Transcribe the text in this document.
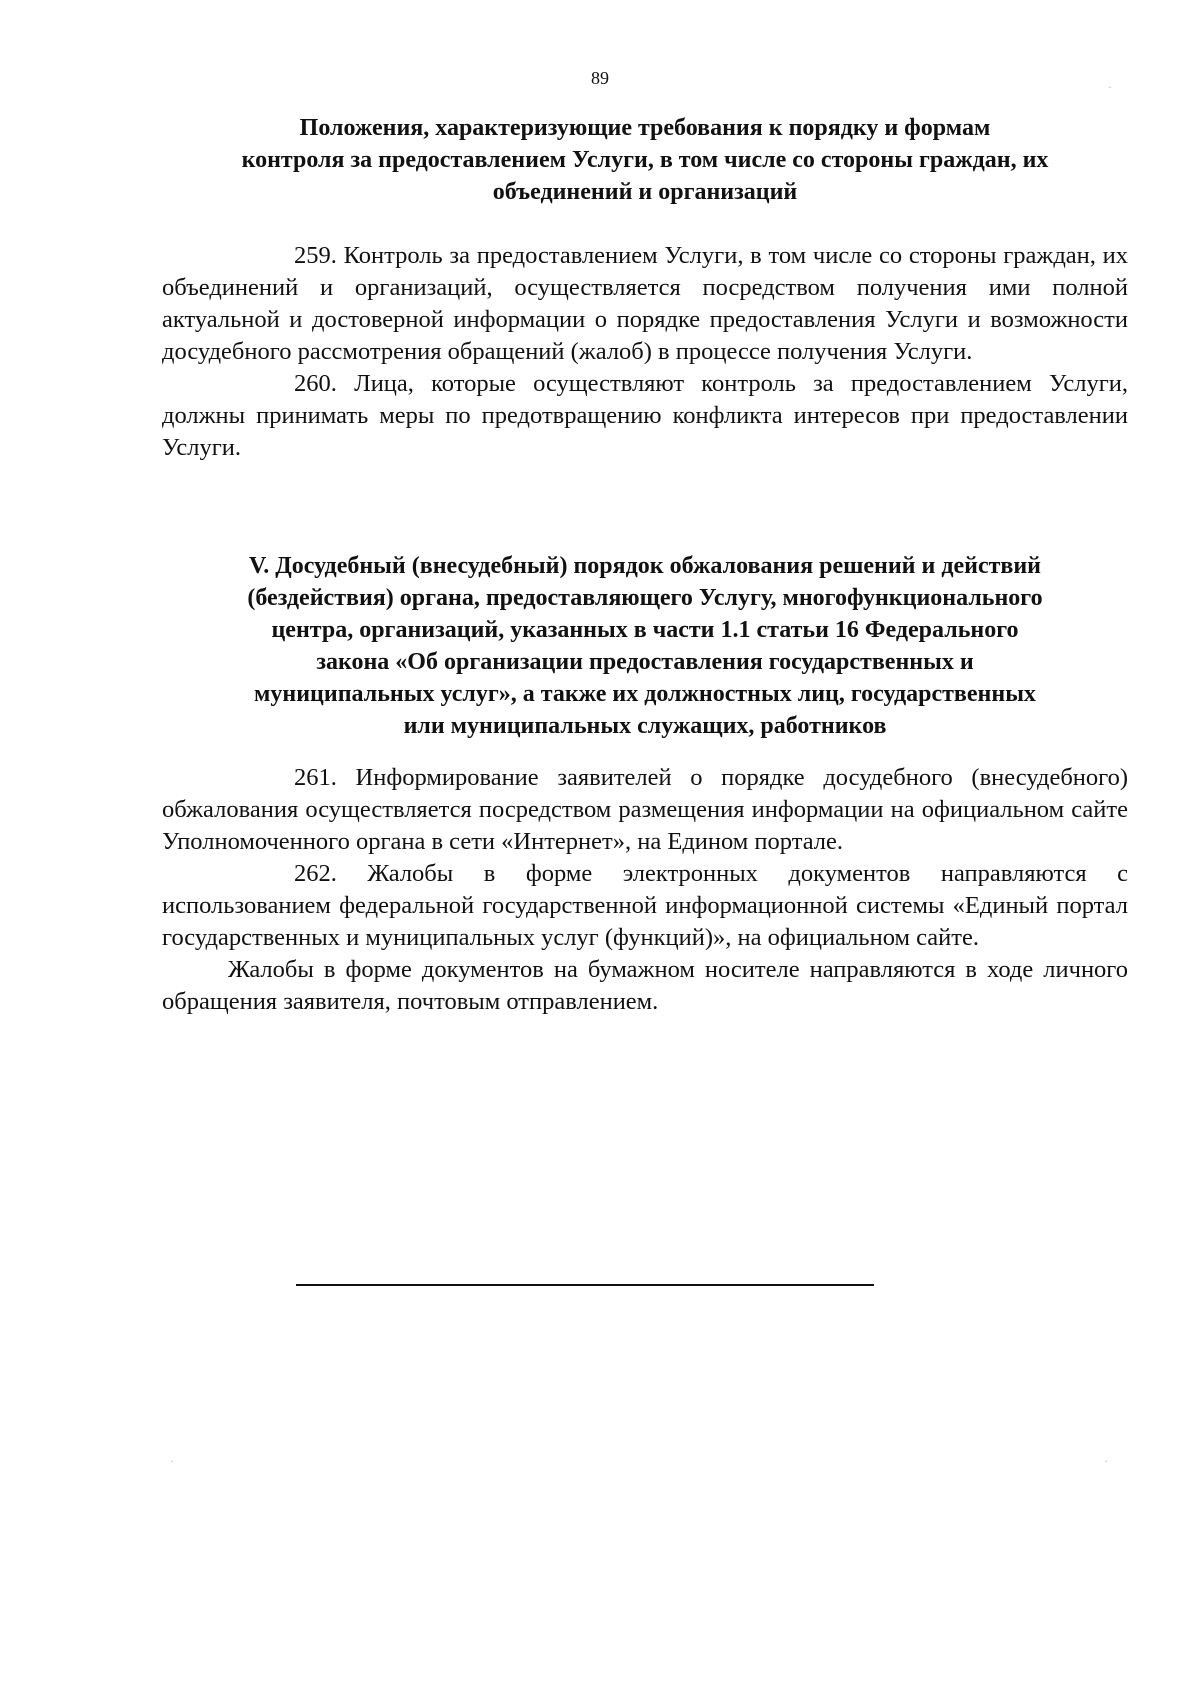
89

Положения, характеризующие требования к порядку и формам

контроля за предоставлением Услуги, в том числе со стороны граждан, их

объединений и организаций

259. Контроль за предоставлением Услуги, в том числе со стороны граждан, их объединений и организаций, осуществляется посредством получения ими полной актуальной и достоверной информации о порядке предоставления Услуги и возможности досудебного рассмотрения обращений (жалоб) в процессе получения Услуги.

260. Лица, которые осуществляют контроль за предоставлением Услуги, должны принимать меры по предотвращению конфликта интересов при предоставлении Услуги.

V. Досудебный (внесудебный) порядок обжалования решений и действий

(бездействия) органа, предоставляющего Услугу, многофункционального

центра, организаций, указанных в части 1.1 статьи 16 Федерального

закона «Об организации предоставления государственных и

муниципальных услуг», а также их должностных лиц, государственных

или муниципальных служащих, работников

261. Информирование заявителей о порядке досудебного (внесудебного) обжалования осуществляется посредством размещения информации на официальном сайте Уполномоченного органа в сети «Интернет», на Едином портале.

262. Жалобы в форме электронных документов направляются с использованием федеральной государственной информационной системы «Единый портал государственных и муниципальных услуг (функций)», на официальном сайте.

Жалобы в форме документов на бумажном носителе направляются в ходе личного обращения заявителя, почтовым отправлением.

·
·
·
